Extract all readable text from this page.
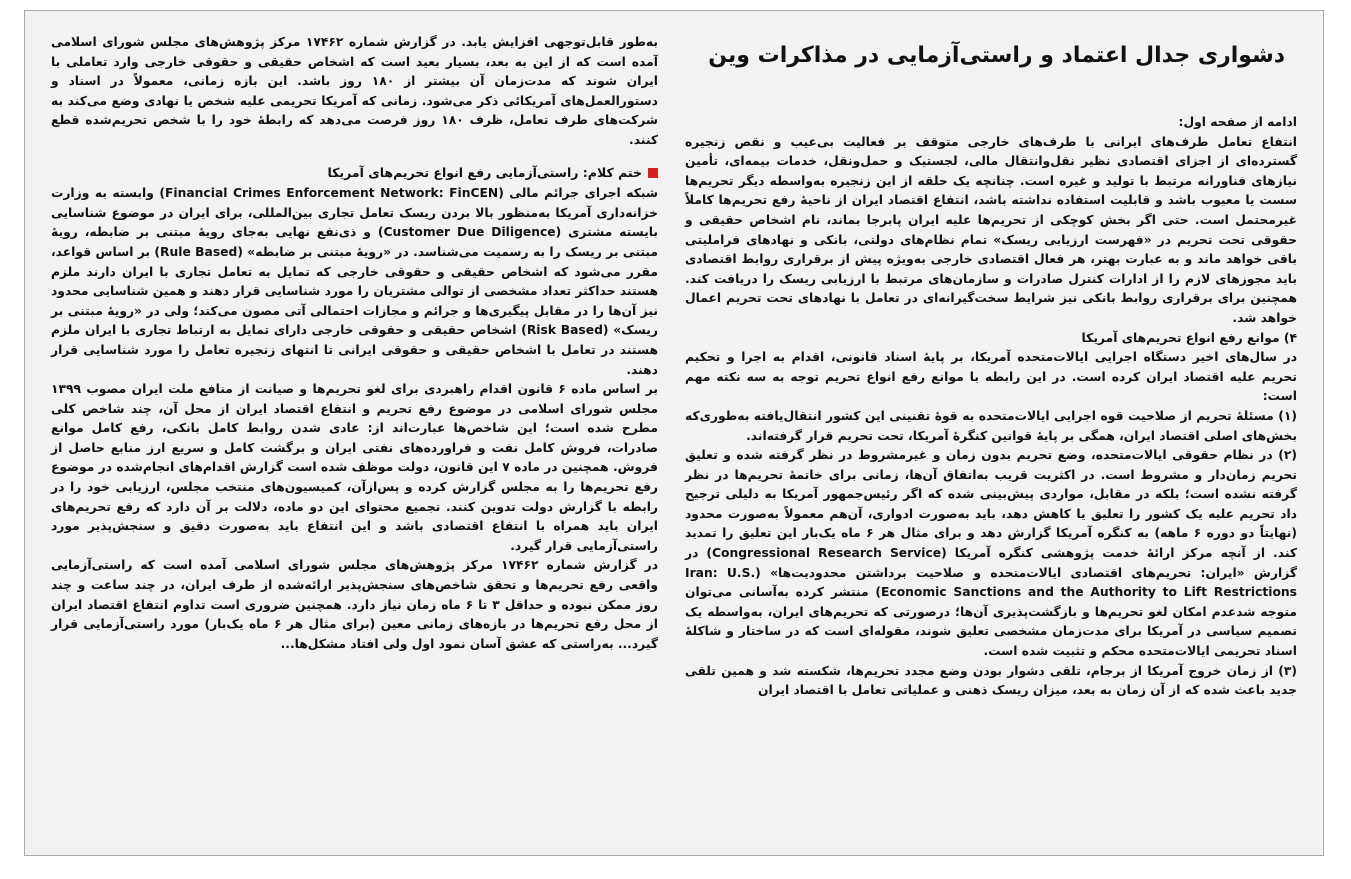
دشواری جدال اعتماد و راستی‌آزمایی در مذاکرات وین

ادامه از صفحه اول:

انتفاع تعامل طرف‌های ایرانی با طرف‌های خارجی متوقف بر فعالیت بی‌عیب و نقص زنجیره گسترده‌ای از اجزای اقتصادی نظیر نقل‌وانتقال مالی، لجستیک و حمل‌ونقل، خدمات بیمه‌ای، تأمین نیازهای فناورانه مرتبط با تولید و غیره است. چنانچه یک حلقه از این زنجیره به‌واسطه دیگر تحریم‌ها سست یا معیوب باشد و قابلیت استفاده نداشته باشد، انتفاع اقتصاد ایران از ناحیهٔ رفع تحریم‌ها کاملاً غیرمحتمل است. حتی اگر بخش کوچکی از تحریم‌ها علیه ایران پابرجا بماند، نام اشخاص حقیقی و حقوقی تحت تحریم در «فهرست ارزیابی ریسک» تمام نظام‌های دولتی، بانکی و نهادهای فراملیتی باقی خواهد ماند و به عبارت بهتر، هر فعال اقتصادی خارجی به‌ویژه پیش از برقراری روابط اقتصادی باید مجوزهای لازم را از ادارات کنترل صادرات و سازمان‌های مرتبط با ارزیابی ریسک را دریافت کند. همچنین برای برقراری روابط بانکی نیز شرایط سخت‌گیرانه‌ای در تعامل با نهادهای تحت تحریم اعمال خواهد شد.

۴) موانع رفع انواع تحریم‌های آمریکا

در سال‌های اخیر دستگاه اجرایی ایالات‌متحده آمریکا، بر پایهٔ اسناد قانونی، اقدام به اجرا و تحکیم تحریم علیه اقتصاد ایران کرده است. در این رابطه با موانع رفع انواع تحریم توجه به سه نکته مهم است:

(۱) مسئلهٔ تحریم از صلاحیت قوه اجرایی ایالات‌متحده به قوهٔ تقنینی این کشور انتقال‌یافته به‌طوری‌که بخش‌های اصلی اقتصاد ایران، همگی بر پایهٔ قوانین کنگرهٔ آمریکا، تحت تحریم قرار گرفته‌اند.

(۲) در نظام حقوقی ایالات‌متحده، وضع تحریم بدون زمان و غیرمشروط در نظر گرفته شده و تعلیق تحریم زمان‌دار و مشروط است. در اکثریت قریب به‌اتفاق آن‌ها، زمانی برای خاتمهٔ تحریم‌ها در نظر گرفته نشده است؛ بلکه در مقابل، مواردی پیش‌بینی شده که اگر رئیس‌جمهور آمریکا به دلیلی ترجیح داد تحریم علیه یک کشور را تعلیق یا کاهش دهد، باید به‌صورت ادواری، آن‌هم معمولاً به‌صورت محدود (نهایتاً دو دوره ۶ ماهه) به کنگره آمریکا گزارش دهد و برای مثال هر ۶ ماه یک‌بار این تعلیق را تمدید کند. از آنچه مرکز ارائهٔ خدمت پژوهشی کنگره آمریکا (Congressional Research Service) در گزارش «ایران: تحریم‌های اقتصادی ایالات‌متحده و صلاحیت برداشتن محدودیت‌ها» (Iran: U.S. Economic Sanctions and the Authority to Lift Restrictions) منتشر کرده به‌آسانی می‌توان متوجه شد‌عدم امکان لغو تحریم‌ها و بازگشت‌پذیری آن‌ها؛ درصورتی که تحریم‌های ایران، به‌واسطه یک تصمیم سیاسی در آمریکا برای مدت‌زمان مشخصی تعلیق شوند، مقوله‌ای است که در ساختار و شاکلهٔ اسناد تحریمی ایالات‌متحده محکم و تثبیت شده است.

(۳) از زمان خروج آمریکا از برجام، تلقی دشوار بودن وضع مجدد تحریم‌ها، شکسته شد و همین تلقی جدید باعث شده که از آن زمان به بعد، میزان ریسک ذهنی و عملیاتی تعامل با اقتصاد ایران

به‌طور قابل‌توجهی افزایش یابد. در گزارش شماره ۱۷۴۶۲ مرکز پژوهش‌های مجلس شورای اسلامی آمده است که از این به بعد، بسیار بعید است که اشخاص حقیقی و حقوقی خارجی وارد تعاملی با ایران شوند که مدت‌زمان آن بیشتر از ۱۸۰ روز باشد. این بازه زمانی، معمولاً در اسناد و دستورالعمل‌های آمریکائی ذکر می‌شود. زمانی که آمریکا تحریمی علیه شخص یا نهادی وضع می‌کند به شرکت‌های طرف تعامل، ظرف ۱۸۰ روز فرصت می‌دهد که رابطهٔ خود را با شخص تحریم‌شده قطع کنند.

ختم کلام: راستی‌آزمایی رفع انواع تحریم‌های آمریکا

شبکه اجرای جرائم مالی (Financial Crimes Enforcement Network: FinCEN) وابسته به وزارت خزانه‌داری آمریکا به‌منظور بالا بردن ریسک تعامل تجاری بین‌المللی، برای ایران در موضوع شناسایی بایسته مشتری (Customer Due Diligence) و ذی‌نفع نهایی به‌جای رویهٔ مبتنی بر ضابطه، رویهٔ مبتنی بر ریسک را به رسمیت می‌شناسد. در «رویهٔ مبتنی بر ضابطه» (Rule Based) بر اساس قواعد، مقرر می‌شود که اشخاص حقیقی و حقوقی خارجی که تمایل به تعامل تجاری با ایران دارند ملزم هستند حداکثر تعداد مشخصی از توالی مشتریان را مورد شناسایی قرار دهند و همین شناسایی محدود نیز آن‌ها را در مقابل پیگیری‌ها و جرائم و مجازات احتمالی آتی مصون می‌کند؛ ولی در «رویهٔ مبتنی بر ریسک» (Risk Based) اشخاص حقیقی و حقوقی خارجی دارای تمایل به ارتباط تجاری با ایران ملزم هستند در تعامل با اشخاص حقیقی و حقوقی ایرانی تا انتهای زنجیره تعامل را مورد شناسایی قرار دهند.

بر اساس ماده ۶ قانون اقدام راهبردی برای لغو تحریم‌ها و صیانت از منافع ملت ایران مصوب ۱۳۹۹ مجلس شورای اسلامی در موضوع رفع تحریم و انتفاع اقتصاد ایران از محل آن، چند شاخص کلی مطرح شده است؛ این شاخص‌ها عبارت‌اند از: عادی شدن روابط کامل بانکی، رفع کامل موانع صادرات، فروش کامل نفت و فراورده‌های نفتی ایران و برگشت کامل و سریع ارز منابع حاصل از فروش. همچنین در ماده ۷ این قانون، دولت موظف شده است گزارش اقدام‌های انجام‌شده در موضوع رفع تحریم‌ها را به مجلس گزارش کرده و پس‌از‌آن، کمیسیون‌های منتخب مجلس، ارزیابی خود را در رابطه با گزارش دولت تدوین کنند. تجمیع محتوای این دو ماده، دلالت بر آن دارد که رفع تحریم‌های ایران باید همراه با انتفاع اقتصادی باشد و این انتفاع باید به‌صورت دقیق و سنجش‌پذیر مورد راستی‌آزمایی قرار گیرد.

در گزارش شماره ۱۷۴۶۲ مرکز پژوهش‌های مجلس شورای اسلامی آمده است که راستی‌آزمایی واقعی رفع تحریم‌ها و تحقق شاخص‌های سنجش‌پذیر ارائه‌شده از طرف ایران، در چند ساعت و چند روز ممکن نبوده و حداقل ۳ تا ۶ ماه زمان نیاز دارد. همچنین ضروری است تداوم انتفاع اقتصاد ایران از محل رفع تحریم‌ها در بازه‌های زمانی معین (برای مثال هر ۶ ماه یک‌بار) مورد راستی‌آزمایی قرار گیرد... به‌راستی که عشق آسان نمود اول ولی افتاد مشکل‌ها...
